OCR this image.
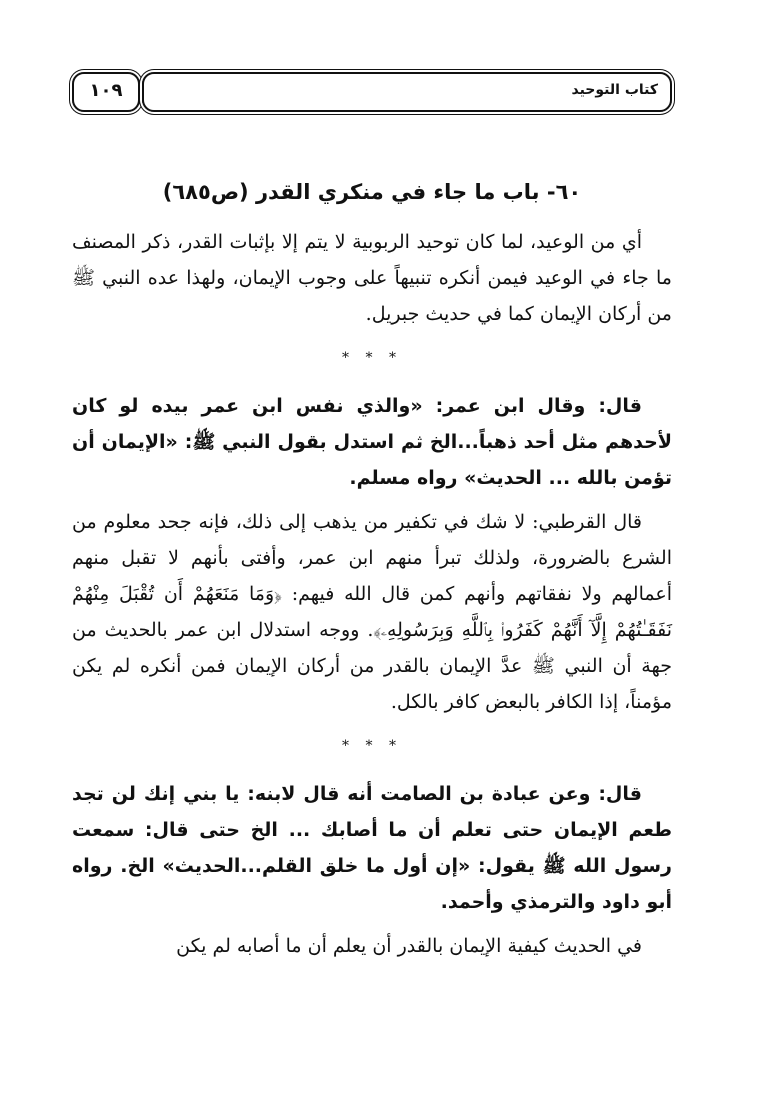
١٠٩	كتاب التوحيد
٦٠- باب ما جاء في منكري القدر (ص٦٨٥)

أي من الوعيد، لما كان توحيد الربوبية لا يتم إلا بإثبات القدر، ذكر المصنف ما جاء في الوعيد فيمن أنكره تنبيهاً على وجوب الإيمان، ولهذا عده النبي ﷺ من أركان الإيمان كما في حديث جبريل.

* * *

قال: وقال ابن عمر: «والذي نفس ابن عمر بيده لو كان لأحدهم مثل أحد ذهباً...الخ ثم استدل بقول النبي ﷺ: «الإيمان أن تؤمن بالله ... الحديث» رواه مسلم.

قال القرطبي: لا شك في تكفير من يذهب إلى ذلك، فإنه جحد معلوم من الشرع بالضرورة، ولذلك تبرأ منهم ابن عمر، وأفتى بأنهم لا تقبل منهم أعمالهم ولا نفقاتهم وأنهم كمن قال الله فيهم: ﴿وَمَا مَنَعَهُمْ أَن تُقْبَلَ مِنْهُمْ نَفَقَـٰتُهُمْ إِلَّآ أَنَّهُمْ كَفَرُوا۟ بِٱللَّهِ وَبِرَسُولِهِۦ﴾. ووجه استدلال ابن عمر بالحديث من جهة أن النبي ﷺ عدَّ الإيمان بالقدر من أركان الإيمان فمن أنكره لم يكن مؤمناً، إذا الكافر بالبعض كافر بالكل.

* * *

قال: وعن عبادة بن الصامت أنه قال لابنه: يا بني إنك لن تجد طعم الإيمان حتى تعلم أن ما أصابك ... الخ حتى قال: سمعت رسول الله ﷺ يقول: «إن أول ما خلق القلم...الحديث» الخ. رواه أبو داود والترمذي وأحمد.

في الحديث كيفية الإيمان بالقدر أن يعلم أن ما أصابه لم يكن
